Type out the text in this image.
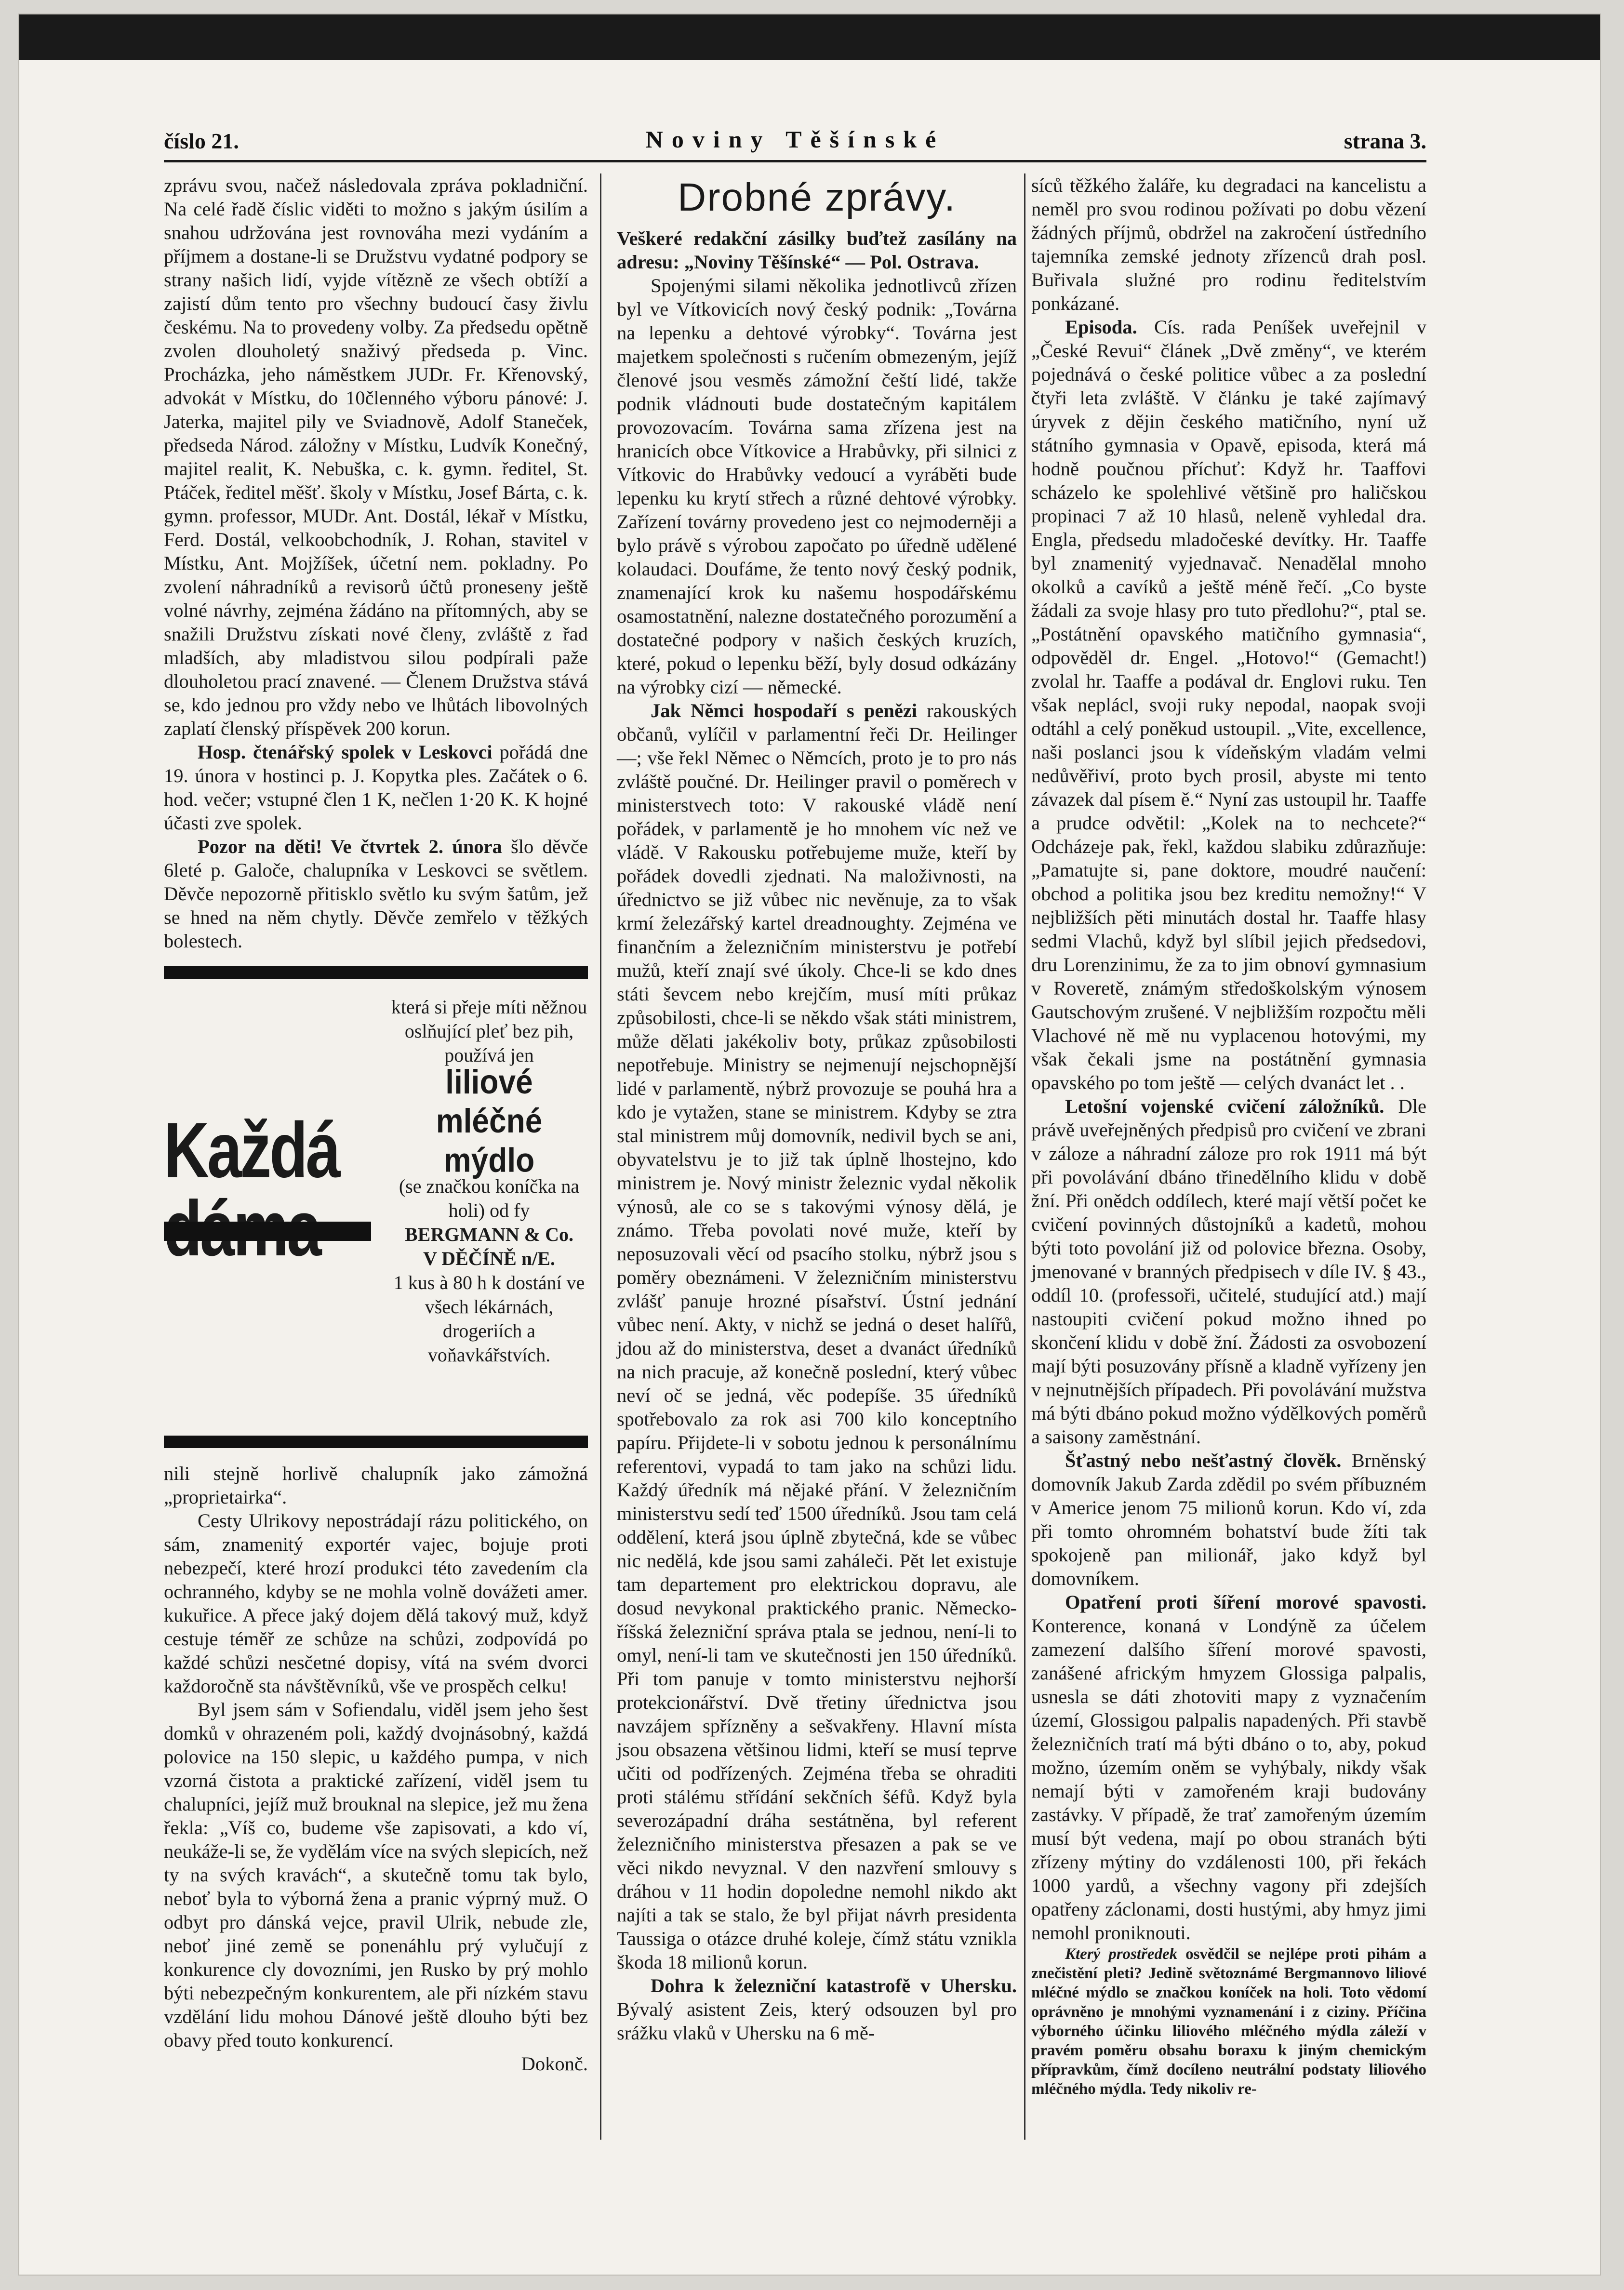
číslo 21.	Noviny Těšínské	strana 3.

zprávu svou, načež následovala zpráva pokladniční. Na celé řadě číslic viděti to možno s jakým úsilím a snahou udržována jest rovnováha mezi vydáním a příjmem a dostane-li se Družstvu vydatné podpory se strany našich lidí, vyjde vítězně ze všech obtíží a zajistí dům tento pro všechny budoucí časy živlu českému. Na to provedeny volby. Za předsedu opětně zvolen dlouholetý snaživý předseda p. Vinc. Procházka, jeho náměstkem JUDr. Fr. Křenovský, advokát v Místku, do 10členného výboru pánové: J. Jaterka, majitel pily ve Sviadnově, Adolf Staneček, předseda Národ. záložny v Místku, Ludvík Konečný, majitel realit, K. Nebuška, c. k. gymn. ředitel, St. Ptáček, ředitel měšť. školy v Místku, Josef Bárta, c. k. gymn. professor, MUDr. Ant. Dostál, lékař v Místku, Ferd. Dostál, velkoobchodník, J. Rohan, stavitel v Místku, Ant. Mojžíšek, účetní nem. pokladny. Po zvolení náhradníků a revisorů účtů proneseny ještě volné návrhy, zejména žádáno na přítomných, aby se snažili Družstvu získati nové členy, zvláště z řad mladších, aby mladistvou silou podpírali paže dlouholetou prací znavené. — Členem Družstva stává se, kdo jednou pro vždy nebo ve lhůtách libovolných zaplatí členský příspěvek 200 korun.

Hosp. čtenářský spolek v Leskovci pořádá dne 19. února v hostinci p. J. Kopytka ples. Začátek o 6. hod. večer; vstupné člen 1 K, nečlen 1·20 K. K hojné účasti zve spolek.

Pozor na děti! Ve čtvrtek 2. února šlo děvče 6leté p. Galoče, chalupníka v Leskovci se světlem. Děvče nepozorně přitisklo světlo ku svým šatům, jež se hned na něm chytly. Děvče zemřelo v těžkých bolestech.

Každá
která si přeje míti něžnou oslňující pleť bez pih, používá jen
liliové mléčné mýdlo
(se značkou koníčka na holi) od fy
BERGMANN & Co.
V DĚČÍNĚ n/E.
1 kus à 80 h k dostání ve všech lékárnách, drogeriích a voňavkářstvích.

nili stejně horlivě chalupník jako zámožná „proprietairka“.

Cesty Ulrikovy nepostrádají rázu politického, on sám, znamenitý exportér vajec, bojuje proti nebezpečí, které hrozí produkci této zavedením cla ochranného, kdyby se ne mohla volně dovážeti amer. kukuřice. A přece jaký dojem dělá takový muž, když cestuje téměř ze schůze na schůzi, zodpovídá po každé schůzi nesčetné dopisy, vítá na svém dvorci každoročně sta návštěvníků, vše ve prospěch celku!

Byl jsem sám v Sofiendalu, viděl jsem jeho šest domků v ohrazeném poli, každý dvojnásobný, každá polovice na 150 slepic, u každého pumpa, v nich vzorná čistota a praktické zařízení, viděl jsem tu chalupníci, jejíž muž brouknal na slepice, jež mu žena řekla: „Víš co, budeme vše zapisovati, a kdo ví, neukáže-li se, že vydělám více na svých slepicích, než ty na svých kravách“, a skutečně tomu tak bylo, neboť byla to výborná žena a pranic výprný muž. O odbyt pro dánská vejce, pravil Ulrik, nebude zle, neboť jiné země se ponenáhlu prý vylučují z konkurence cly dovozními, jen Rusko by prý mohlo býti nebezpečným konkurentem, ale při nízkém stavu vzdělání lidu mohou Dánové ještě dlouho býti bez obavy před touto konkurencí.

Dokonč.

Drobné zprávy.

Veškeré redakční zásilky buďtež zasílány na adresu: „Noviny Těšínské“ — Pol. Ostrava.

Spojenými silami několika jednotlivců zřízen byl ve Vítkovicích nový český podnik: „Továrna na lepenku a dehtové výrobky“. Továrna jest majetkem společnosti s ručením obmezeným, jejíž členové jsou vesměs zámožní čeští lidé, takže podnik vládnouti bude dostatečným kapitálem provozovacím. Továrna sama zřízena jest na hranicích obce Vítkovice a Hrabůvky, při silnici z Vítkovic do Hrabůvky vedoucí a vyráběti bude lepenku ku krytí střech a různé dehtové výrobky. Zařízení továrny provedeno jest co nejmoderněji a bylo právě s výrobou započato po úředně udělené kolaudaci. Doufáme, že tento nový český podnik, znamenající krok ku našemu hospodářskému osamostatnění, nalezne dostatečného porozumění a dostatečné podpory v našich českých kruzích, které, pokud o lepenku běží, byly dosud odkázány na výrobky cizí — německé.

Jak Němci hospodaří s penězi rakouských občanů, vylíčil v parlamentní řeči Dr. Heilinger —; vše řekl Němec o Němcích, proto je to pro nás zvláště poučné. Dr. Heilinger pravil o poměrech v ministerstvech toto: V rakouské vládě není pořádek, v parlamentě je ho mnohem víc než ve vládě. V Rakousku potřebujeme muže, kteří by pořádek dovedli zjednati. Na maloživnosti, na úřednictvo se již vůbec nic nevěnuje, za to však krmí železářský kartel dreadnoughty. Zejména ve finančním a železničním ministerstvu je potřebí mužů, kteří znají své úkoly. Chce-li se kdo dnes státi ševcem nebo krejčím, musí míti průkaz způsobilosti, chce-li se někdo však státi ministrem, může dělati jakékoliv boty, průkaz způsobilosti nepotřebuje. Ministry se nejmenují nejschopnější lidé v parlamentě, nýbrž provozuje se pouhá hra a kdo je vytažen, stane se ministrem. Kdyby se ztra stal ministrem můj domovník, nedivil bych se ani, obyvatelstvu je to již tak úplně lhostejno, kdo ministrem je. Nový ministr železnic vydal několik výnosů, ale co se s takovými výnosy dělá, je známo. Třeba povolati nové muže, kteří by neposuzovali věcí od psacího stolku, nýbrž jsou s poměry obeznámeni. V železničním ministerstvu zvlášť panuje hrozné písařství. Ústní jednání vůbec není. Akty, v nichž se jedná o deset halířů, jdou až do ministerstva, deset a dvanáct úředníků na nich pracuje, až konečně poslední, který vůbec neví oč se jedná, věc podepíše. 35 úředníků spotřebovalo za rok asi 700 kilo konceptního papíru. Přijdete-li v sobotu jednou k personálnímu referentovi, vypadá to tam jako na schůzi lidu. Každý úředník má nějaké přání. V železničním ministerstvu sedí teď 1500 úředníků. Jsou tam celá oddělení, která jsou úplně zbytečná, kde se vůbec nic nedělá, kde jsou sami zaháleči. Pět let existuje tam departement pro elektrickou dopravu, ale dosud nevykonal praktického pranic. Německo-říšská železniční správa ptala se jednou, není-li to omyl, není-li tam ve skutečnosti jen 150 úředníků. Při tom panuje v tomto ministerstvu nejhorší protekcionářství. Dvě třetiny úřednictva jsou navzájem spřízněny a sešvakřeny. Hlavní místa jsou obsazena většinou lidmi, kteří se musí teprve učiti od podřízených. Zejména třeba se ohraditi proti stálému střídání sekčních šéfů. Když byla severozápadní dráha sestátněna, byl referent železničního ministerstva přesazen a pak se ve věci nikdo nevyznal. V den nazvření smlouvy s dráhou v 11 hodin dopoledne nemohl nikdo akt najíti a tak se stalo, že byl přijat návrh presidenta Taussiga o otázce druhé koleje, čímž státu vznikla škoda 18 milionů korun.

Dohra k železniční katastrofě v Uhersku. Bývalý asistent Zeis, který odsouzen byl pro srážku vlaků v Uhersku na 6 mě-

síců těžkého žaláře, ku degradaci na kancelistu a neměl pro svou rodinou požívati po dobu vězení žádných příjmů, obdržel na zakročení ústředního tajemníka zemské jednoty zřízenců drah posl. Buřivala služné pro rodinu ředitelstvím ponkázané.

Episoda. Cís. rada Peníšek uveřejnil v „České Revui“ článek „Dvě změny“, ve kterém pojednává o české politice vůbec a za poslední čtyři leta zvláště. V článku je také zajímavý úryvek z dějin českého matičního, nyní už státního gymnasia v Opavě, episoda, která má hodně poučnou příchuť: Když hr. Taaffovi scházelo ke spolehlivé většině pro haličskou propinaci 7 až 10 hlasů, neleně vyhledal dra. Engla, předsedu mladočeské devítky. Hr. Taaffe byl znamenitý vyjednavač. Nenadělal mnoho okolků a cavíků a ještě méně řečí. „Co byste žádali za svoje hlasy pro tuto předlohu?“, ptal se. „Postátnění opavského matičního gymnasia“, odpověděl dr. Engel. „Hotovo!“ (Gemacht!) zvolal hr. Taaffe a podával dr. Englovi ruku. Ten však neplácl, svoji ruky nepodal, naopak svoji odtáhl a celý poněkud ustoupil. „Vite, excellence, naši poslanci jsou k vídeňským vladám velmi nedůvěřiví, proto bych prosil, abyste mi tento závazek dal písem ě.“ Nyní zas ustoupil hr. Taaffe a prudce odvětil: „Kolek na to nechcete?“ Odcházeje pak, řekl, každou slabiku zdůrazňuje: „Pamatujte si, pane doktore, moudré naučení: obchod a politika jsou bez kreditu nemožny!“ V nejbližších pěti minutách dostal hr. Taaffe hlasy sedmi Vlachů, když byl slíbil jejich předsedovi, dru Lorenzinimu, že za to jim obnoví gymnasium v Roveretě, známým středoškolským výnosem Gautschovým zrušené. V nejbližším rozpočtu měli Vlachové ně mě nu vyplacenou hotovými, my však čekali jsme na postátnění gymnasia opavského po tom ještě — celých dvanáct let . .

Letošní vojenské cvičení záložníků. Dle právě uveřejněných předpisů pro cvičení ve zbrani v záloze a náhradní záloze pro rok 1911 má být při povolávání dbáno třinedělního klidu v době žní. Při onědch oddílech, které mají větší počet ke cvičení povinných důstojníků a kadetů, mohou býti toto povolání již od polovice března. Osoby, jmenované v branných předpisech v díle IV. § 43., oddíl 10. (professoři, učitelé, studující atd.) mají nastoupiti cvičení pokud možno ihned po skončení klidu v době žní. Žádosti za osvobození mají býti posuzovány přísně a kladně vyřízeny jen v nejnutnějších případech. Při povolávání mužstva má býti dbáno pokud možno výdělkových poměrů a saisony zaměstnání.

Šťastný nebo nešťastný člověk. Brněnský domovník Jakub Zarda zdědil po svém příbuzném v Americe jenom 75 milionů korun. Kdo ví, zda při tomto ohromném bohatství bude žíti tak spokojeně pan milionář, jako když byl domovníkem.

Opatření proti šíření morové spavosti. Konterence, konaná v Londýně za účelem zamezení dalšího šíření morové spavosti, zanášené africkým hmyzem Glossiga palpalis, usnesla se dáti zhotoviti mapy z vyznačením území, Glossigou palpalis napadených. Při stavbě železničních tratí má býti dbáno o to, aby, pokud možno, územím oněm se vyhýbaly, nikdy však nemají býti v zamořeném kraji budovány zastávky. V případě, že trať zamořeným územím musí být vedena, mají po obou stranách býti zřízeny mýtiny do vzdálenosti 100, při řekách 1000 yardů, a všechny vagony při zdejších opatřeny záclonami, dosti hustými, aby hmyz jimi nemohl proniknouti.

Který prostředek osvědčil se nejlépe proti pihám a znečistění pleti? Jedině světoznámé Bergmannovo liliové mléčné mýdlo se značkou koníček na holi. Toto vědomí oprávněno je mnohými vyznamenání i z ciziny. Příčina výborného účinku liliového mléčného mýdla záleží v pravém poměru obsahu boraxu k jiným chemickým přípravkům, čímž docíleno neutrální podstaty liliového mléčného mýdla. Tedy nikoliv re-
